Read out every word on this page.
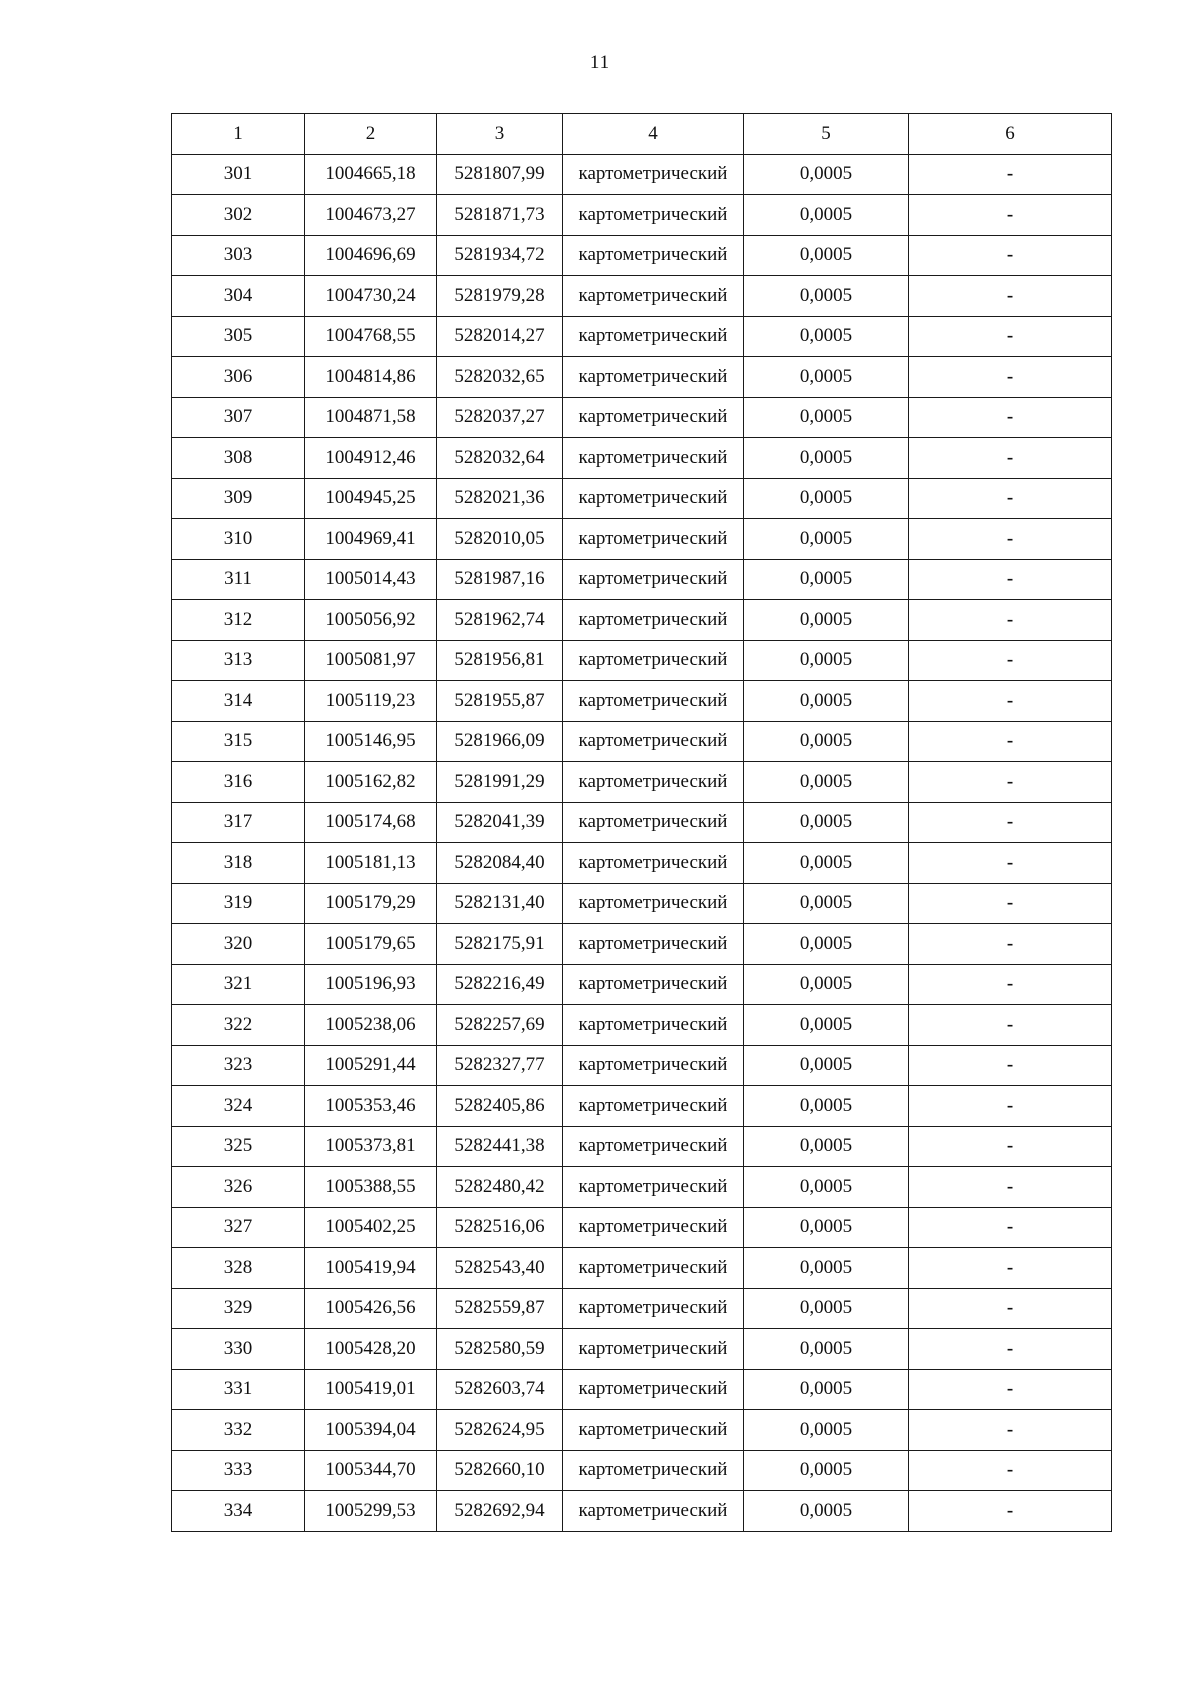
11
1	2	3	4	5	6
301	1004665,18	5281807,99	картометрический	0,0005	-
302	1004673,27	5281871,73	картометрический	0,0005	-
303	1004696,69	5281934,72	картометрический	0,0005	-
304	1004730,24	5281979,28	картометрический	0,0005	-
305	1004768,55	5282014,27	картометрический	0,0005	-
306	1004814,86	5282032,65	картометрический	0,0005	-
307	1004871,58	5282037,27	картометрический	0,0005	-
308	1004912,46	5282032,64	картометрический	0,0005	-
309	1004945,25	5282021,36	картометрический	0,0005	-
310	1004969,41	5282010,05	картометрический	0,0005	-
311	1005014,43	5281987,16	картометрический	0,0005	-
312	1005056,92	5281962,74	картометрический	0,0005	-
313	1005081,97	5281956,81	картометрический	0,0005	-
314	1005119,23	5281955,87	картометрический	0,0005	-
315	1005146,95	5281966,09	картометрический	0,0005	-
316	1005162,82	5281991,29	картометрический	0,0005	-
317	1005174,68	5282041,39	картометрический	0,0005	-
318	1005181,13	5282084,40	картометрический	0,0005	-
319	1005179,29	5282131,40	картометрический	0,0005	-
320	1005179,65	5282175,91	картометрический	0,0005	-
321	1005196,93	5282216,49	картометрический	0,0005	-
322	1005238,06	5282257,69	картометрический	0,0005	-
323	1005291,44	5282327,77	картометрический	0,0005	-
324	1005353,46	5282405,86	картометрический	0,0005	-
325	1005373,81	5282441,38	картометрический	0,0005	-
326	1005388,55	5282480,42	картометрический	0,0005	-
327	1005402,25	5282516,06	картометрический	0,0005	-
328	1005419,94	5282543,40	картометрический	0,0005	-
329	1005426,56	5282559,87	картометрический	0,0005	-
330	1005428,20	5282580,59	картометрический	0,0005	-
331	1005419,01	5282603,74	картометрический	0,0005	-
332	1005394,04	5282624,95	картометрический	0,0005	-
333	1005344,70	5282660,10	картометрический	0,0005	-
334	1005299,53	5282692,94	картометрический	0,0005	-
